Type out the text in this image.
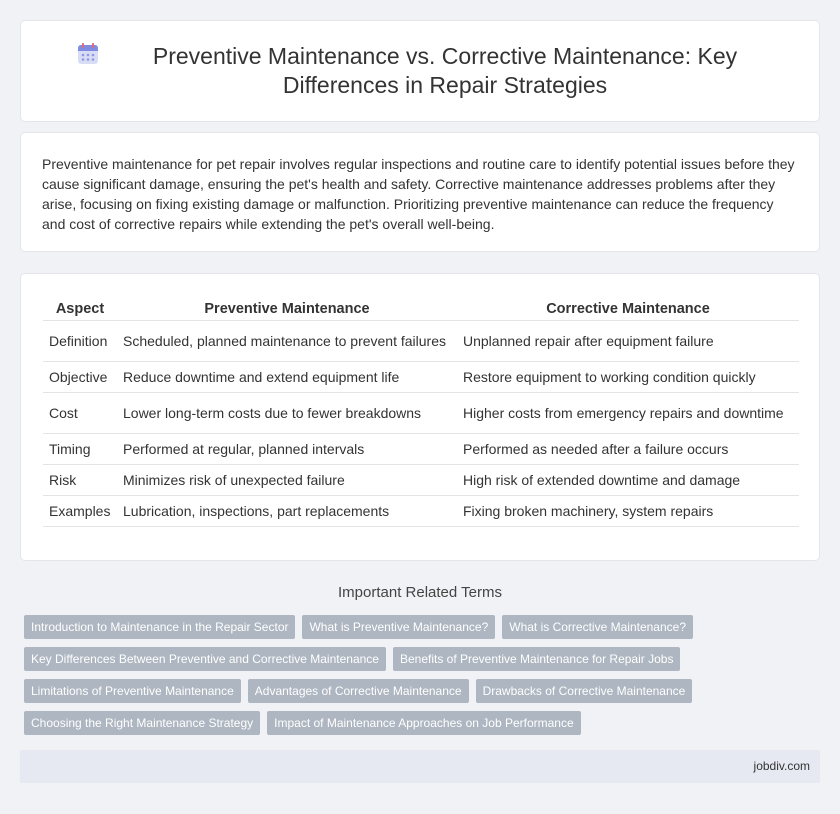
Preventive Maintenance vs. Corrective Maintenance: Key Differences in Repair Strategies

Preventive maintenance for pet repair involves regular inspections and routine care to identify potential issues before they cause significant damage, ensuring the pet's health and safety. Corrective maintenance addresses problems after they arise, focusing on fixing existing damage or malfunction. Prioritizing preventive maintenance can reduce the frequency and cost of corrective repairs while extending the pet's overall well-being.

Aspect	Preventive Maintenance	Corrective Maintenance
Definition	Scheduled, planned maintenance to prevent failures	Unplanned repair after equipment failure
Objective	Reduce downtime and extend equipment life	Restore equipment to working condition quickly
Cost	Lower long-term costs due to fewer breakdowns	Higher costs from emergency repairs and downtime
Timing	Performed at regular, planned intervals	Performed as needed after a failure occurs
Risk	Minimizes risk of unexpected failure	High risk of extended downtime and damage
Examples	Lubrication, inspections, part replacements	Fixing broken machinery, system repairs
Important Related Terms
Introduction to Maintenance in the Repair Sector	What is Preventive Maintenance?	What is Corrective Maintenance?
Key Differences Between Preventive and Corrective Maintenance	Benefits of Preventive Maintenance for Repair Jobs
Limitations of Preventive Maintenance	Advantages of Corrective Maintenance	Drawbacks of Corrective Maintenance
Choosing the Right Maintenance Strategy	Impact of Maintenance Approaches on Job Performance
jobdiv.com
